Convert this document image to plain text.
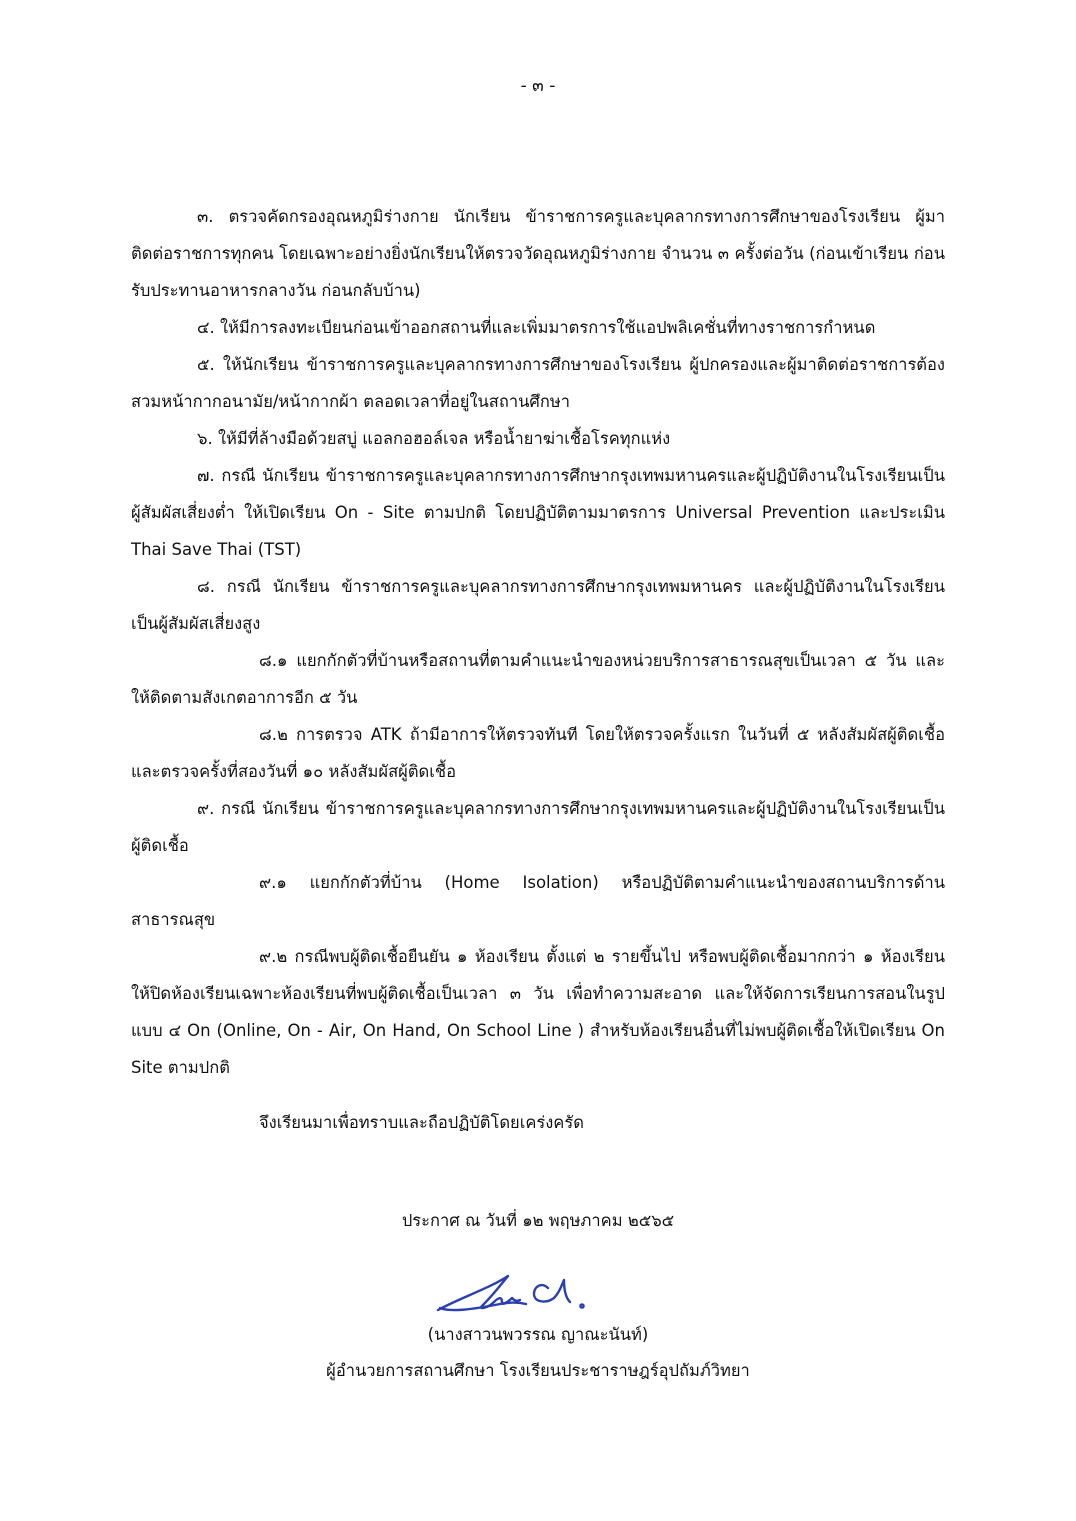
- ๓ -

๓. ตรวจคัดกรองอุณหภูมิร่างกาย นักเรียน ข้าราชการครูและบุคลากรทางการศึกษาของโรงเรียน ผู้มาติดต่อราชการทุกคน โดยเฉพาะอย่างยิ่งนักเรียนให้ตรวจวัดอุณหภูมิร่างกาย จำนวน ๓ ครั้งต่อวัน (ก่อนเข้าเรียน ก่อนรับประทานอาหารกลางวัน ก่อนกลับบ้าน)

๔. ให้มีการลงทะเบียนก่อนเข้าออกสถานที่และเพิ่มมาตรการใช้แอปพลิเคชั่นที่ทางราชการกำหนด

๕. ให้นักเรียน ข้าราชการครูและบุคลากรทางการศึกษาของโรงเรียน ผู้ปกครองและผู้มาติดต่อราชการต้องสวมหน้ากากอนามัย/หน้ากากผ้า ตลอดเวลาที่อยู่ในสถานศึกษา

๖. ให้มีที่ล้างมือด้วยสบู่ แอลกอฮอล์เจล หรือน้ำยาฆ่าเชื้อโรคทุกแห่ง

๗. กรณี นักเรียน ข้าราชการครูและบุคลากรทางการศึกษากรุงเทพมหานครและผู้ปฏิบัติงานในโรงเรียนเป็นผู้สัมผัสเสี่ยงต่ำ ให้เปิดเรียน On - Site ตามปกติ โดยปฏิบัติตามมาตรการ Universal Prevention และประเมิน Thai Save Thai (TST)

๘. กรณี นักเรียน ข้าราชการครูและบุคลากรทางการศึกษากรุงเทพมหานคร และผู้ปฏิบัติงานในโรงเรียนเป็นผู้สัมผัสเสี่ยงสูง

๘.๑ แยกกักตัวที่บ้านหรือสถานที่ตามคำแนะนำของหน่วยบริการสาธารณสุขเป็นเวลา ๕ วัน และให้ติดตามสังเกตอาการอีก ๕ วัน

๘.๒ การตรวจ ATK ถ้ามีอาการให้ตรวจทันที โดยให้ตรวจครั้งแรก ในวันที่ ๕ หลังสัมผัสผู้ติดเชื้อ และตรวจครั้งที่สองวันที่ ๑๐ หลังสัมผัสผู้ติดเชื้อ

๙. กรณี นักเรียน ข้าราชการครูและบุคลากรทางการศึกษากรุงเทพมหานครและผู้ปฏิบัติงานในโรงเรียนเป็นผู้ติดเชื้อ

๙.๑ แยกกักตัวที่บ้าน (Home Isolation) หรือปฏิบัติตามคำแนะนำของสถานบริการด้านสาธารณสุข

๙.๒ กรณีพบผู้ติดเชื้อยืนยัน ๑ ห้องเรียน ตั้งแต่ ๒ รายขึ้นไป หรือพบผู้ติดเชื้อมากกว่า ๑ ห้องเรียน ให้ปิดห้องเรียนเฉพาะห้องเรียนที่พบผู้ติดเชื้อเป็นเวลา ๓ วัน เพื่อทำความสะอาด และให้จัดการเรียนการสอนในรูปแบบ ๔ On (Online, On - Air, On Hand, On School Line ) สำหรับห้องเรียนอื่นที่ไม่พบผู้ติดเชื้อให้เปิดเรียน On Site ตามปกติ

จึงเรียนมาเพื่อทราบและถือปฏิบัติโดยเคร่งครัด

ประกาศ ณ วันที่ ๑๒ พฤษภาคม ๒๕๖๕
(นางสาวนพวรรณ ญาณะนันท์)
ผู้อำนวยการสถานศึกษา โรงเรียนประชาราษฎร์อุปถัมภ์วิทยา
